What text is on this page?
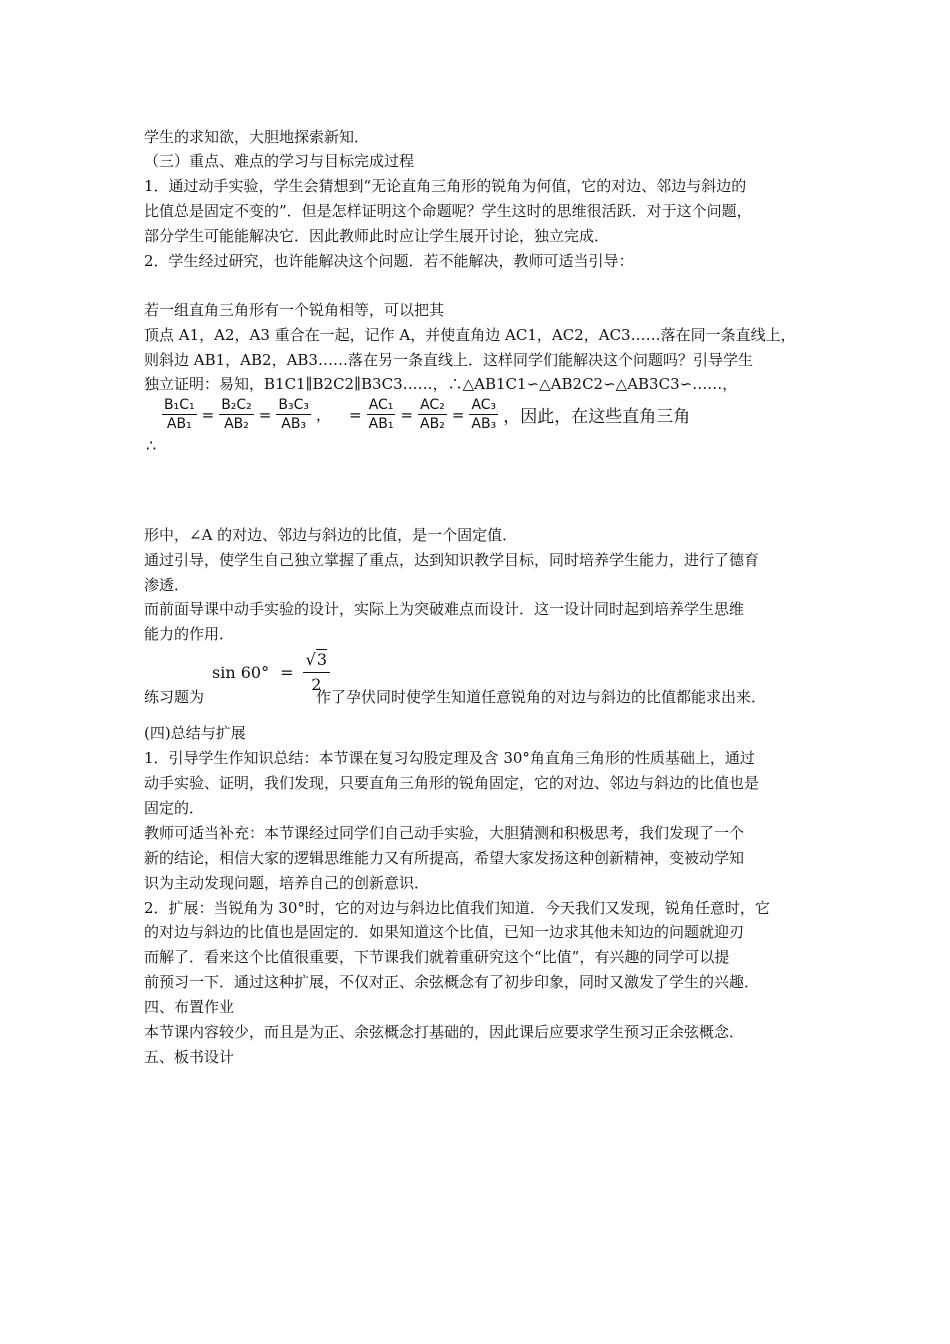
学生的求知欲，大胆地探索新知．
（三）重点、难点的学习与目标完成过程
1．通过动手实验，学生会猜想到“无论直角三角形的锐角为何值，它的对边、邻边与斜边的
比值总是固定不变的”．但是怎样证明这个命题呢？学生这时的思维很活跃．对于这个问题，
部分学生可能能解决它．因此教师此时应让学生展开讨论，独立完成．
2．学生经过研究，也许能解决这个问题．若不能解决，教师可适当引导：
若一组直角三角形有一个锐角相等，可以把其
顶点 A1，A2，A3 重合在一起，记作 A，并使直角边 AC1，AC2，AC3……落在同一条直线上，
则斜边 AB1，AB2，AB3……落在另一条直线上．这样同学们能解决这个问题吗？引导学生
独立证明：易知，B1C1∥B2C2∥B3C3……，∴△AB1C1∽△AB2C2∽△AB3C3∽……，
∴
$\frac{\text{B₁C₁}}{\text{AB₁}} = \frac{\text{B₂C₂}}{\text{AB₂}} = \frac{\text{B₃C₃}}{\text{AB₃}}$ ， = $\frac{\text{AC₁}}{\text{AB₁}} = \frac{\text{AC₂}}{\text{AB₂}} = \frac{\text{AC₃}}{\text{AB₃}}$ ，因此，在这些直角三角
形中，∠A 的对边、邻边与斜边的比值，是一个固定值．
通过引导，使学生自己独立掌握了重点，达到知识教学目标，同时培养学生能力，进行了德育
渗透．
而前面导课中动手实验的设计，实际上为突破难点而设计．这一设计同时起到培养学生思维
能力的作用．
练习题为
$\sin 60^\circ = \frac{√3}{2}$
作了孕伏同时使学生知道任意锐角的对边与斜边的比值都能求出来．
(四)总结与扩展
1．引导学生作知识总结：本节课在复习勾股定理及含 30°角直角三角形的性质基础上，通过
动手实验、证明，我们发现，只要直角三角形的锐角固定，它的对边、邻边与斜边的比值也是
固定的．
教师可适当补充：本节课经过同学们自己动手实验，大胆猜测和积极思考，我们发现了一个
新的结论，相信大家的逻辑思维能力又有所提高，希望大家发扬这种创新精神，变被动学知
识为主动发现问题，培养自己的创新意识．
2．扩展：当锐角为 30°时，它的对边与斜边比值我们知道．今天我们又发现，锐角任意时，它
的对边与斜边的比值也是固定的．如果知道这个比值，已知一边求其他未知边的问题就迎刃
而解了．看来这个比值很重要，下节课我们就着重研究这个“比值”，有兴趣的同学可以提
前预习一下．通过这种扩展，不仅对正、余弦概念有了初步印象，同时又激发了学生的兴趣．
四、布置作业
本节课内容较少，而且是为正、余弦概念打基础的，因此课后应要求学生预习正余弦概念．
五、板书设计
